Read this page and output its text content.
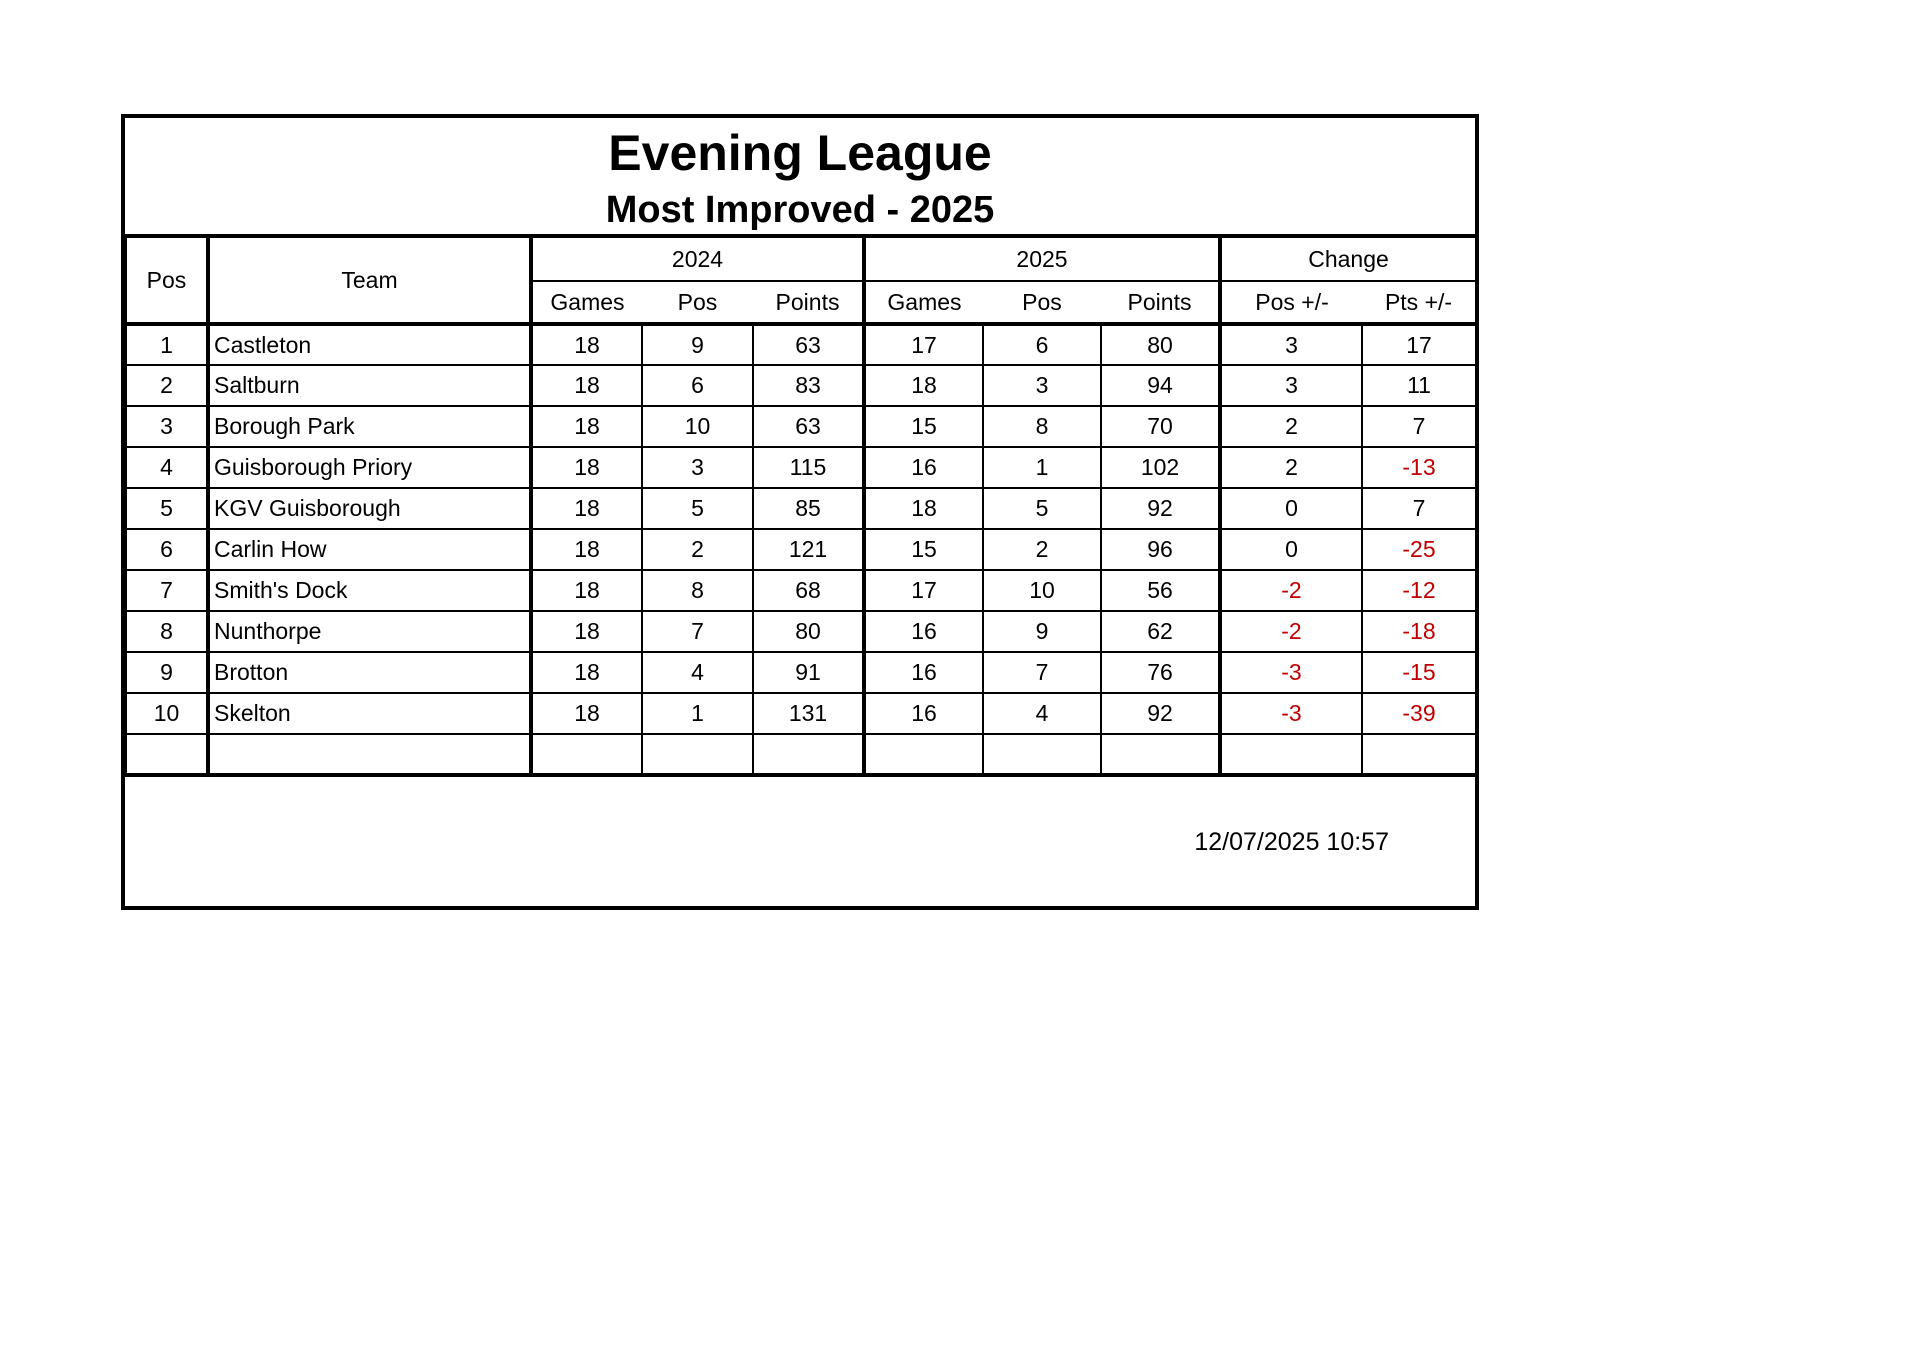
Evening League
Most Improved - 2025
Pos	Team	2024			2025			Change	
		Games	Pos	Points	Games	Pos	Points	Pos +/-	Pts +/-
1	Castleton	18	9	63	17	6	80	3	17
2	Saltburn	18	6	83	18	3	94	3	11
3	Borough Park	18	10	63	15	8	70	2	7
4	Guisborough Priory	18	3	115	16	1	102	2	-13
5	KGV Guisborough	18	5	85	18	5	92	0	7
6	Carlin How	18	2	121	15	2	96	0	-25
7	Smith's Dock	18	8	68	17	10	56	-2	-12
8	Nunthorpe	18	7	80	16	9	62	-2	-18
9	Brotton	18	4	91	16	7	76	-3	-15
10	Skelton	18	1	131	16	4	92	-3	-39

12/07/2025 10:57
